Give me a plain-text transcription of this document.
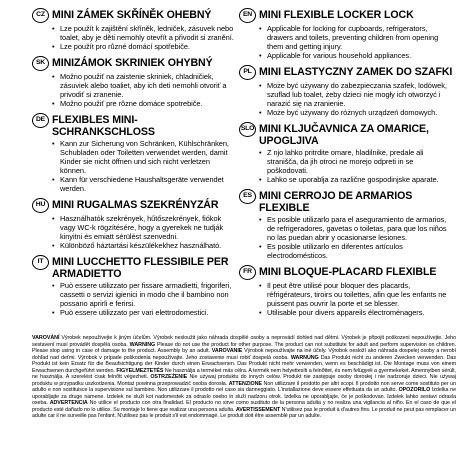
CZ MINI ZÁMEK SKŘÍNĚK OHEBNÝ
• Lze použít k zajištění skříněk, ledniček, zásuvek nebo toalet, aby je děti nemohly otevřít a přivodit si zranění.
• Lze použít pro různé domácí spotřebiče.
SK MINIZÁMOK SKRINIEK OHYBNÝ
• Možno použiť na zaistenie skriniek, chladničiek, zásuviek alebo toaliet, aby ich deti nemohli otvoriť a privodiť si zranenie.
• Možno použiť pre rôzne domáce spotrebiče.
DE FLEXIBLES MINI-SCHRANKSCHLOSS
• Kann zur Sicherung von Schränken, Kühlschränken, Schubladen oder Toiletten verwendet werden, damit Kinder sie nicht öffnen und sich nicht verletzen können.
• Kann für verschiedene Haushaltsgeräte verwendet werden.
HU MINI RUGALMAS SZEKRÉNYZÁR
• Használhatók szekrények, hűtőszekrények, fiókok vagy WC-k rögzítésére, hogy a gyerekek ne tudják kinyitni és emiatt sérülést szenvedni.
• Különböző háztartási készülékekhez használható.
IT MINI LUCCHETTO FLESSIBILE PER ARMADIETTO
• Può essere utilizzato per fissare armadietti, frigoriferi, cassetti o servizi igienici in modo che il bambino non possano aprirli e ferirsi.
• Può essere utilizzato per vari elettrodomestici.
EN MINI FLEXIBLE LOCKER LOCK
• Applicable for locking for cupboards, refrigerators, drawers and toilets, preventing children from opening them and getting injury.
• Applicable for various household appliances.
PL MINI ELASTYCZNY ZAMEK DO SZAFKI
• Może być używany do zabezpieczania szafek, lodówek, szuflad lub toalet, żeby dzieci nie mogły ich otworzyć i narazić się na zranienie.
• Może być używany do różnych urządzeń domowych.
SLO MINI KLJUČAVNICA ZA OMARICE, UPOGLJIVA
• Z njo lahko pritrdite omare, hladilnike, predale ali stranišča, da jih otroci ne morejo odpreti in se poškodovati.
• Lahko se uporablja za različne gospodinjske aparate.
ES MINI CERROJO DE ARMARIOS FLEXIBLE
• Es posible utilizarlo para el aseguramiento de armarios, de refrigeradores, gavetas o toiletas, para que los niños no las puedan abrir y ocasionarse lesiones.
• Es posible utilizarlo en diferentes artículos electrodomésticos.
FR MINI BLOQUE-PLACARD FLEXIBLE
• Il peut être utilisé pour bloquer des placards, réfrigérateurs, tiroirs ou toilettes, afin que les enfants ne puissent pas ouvrir la porte et se blesser.
• Utilisable pour divers appareils électroménagers.
VAROVÁNÍ Výrobek nepoužívejte k jiným účelům. Výrobek nesloužit jako náhrada dospělé osoby a neprovádí dohled nad dětmi. Výrobek je připojit poškozeni nepoužívejte. Jeho sestavení musí provádět dospělá osoba. WARNING Please do not use the product for other purpose. The product can not substitute for adult and perform supervision on children. Please stop using in case of damage to the product. Assembly by an adult. VAROVANIE Výrobok nepoužívajte na iné účely. Výrobok nesloží ako náhrada dospelej osoby a nerobí dohľad nad deťmi. Výrobok v prípade poškodenia nepoužívajte. Jeho zostavenie musí robiť dospelá osoba. WARNUNG Das Produkt nicht zu anderen Zwecken verwenden. Das Produkt ist kein Ersatz für die Beaufsichtigung der Kinder durch einen Erwachsenen. Das Produkt nicht mehr verwenden, wenn es beschädigt ist. Die Montage muss von einem Erwachsenen durchgeführt werden. FIGYELMEZTETÉS Ne használja a terméket más célra. A termék nem helyettesíti a felnőttet, és nem felügyeli a gyermekeket. Amennyiben sérült, ne használja. A szerelést csak felnőtt végezheti. OSTRZEŻENIE Nie używaj produktu do innych celów. Produkt nie zastępuje osoby dorosłej i nie nadzoruje dzieci. Nie używaj produktu w przypadku uszkodzenia. Montaż powinna przeprowadzić osoba dorosła. ATTENZIONE Non utilizzare il prodotto per altri scopi. Il prodotto non serve come sostituto per un adulto e non sostituisce la supervisione sul bambino. Non utilizzare il prodotto nel caso sia danneggiato. L'installazione deve essere effettuata da un adulto. OPOZORILO Izdelka ne uporabljajte za druge namene. Izdelek ne služi kot nadomestek za odraslo osebo in služi nadzoru otrok. Izdelka ne uporabljajte, če je poškodovan. Izdelek lahko sestavi odrasla oseba. ADVERTENCIA No utilice el producto con otra finalidad. El producto no sirve como sustituto de la persona adulta y no realiza una vigilancia al niño. En el caso de que el producto esté dañado no lo utilice. Su montaje lo tiene que realizar una persona adulta. AVERTISSEMENT N'utilisez pas le produit à d'autres fins. Le produit ne peut pas remplacer un adulte car il ne surveille pas l'enfant. N'utilisez pas le produit s'il est endommagé. Le produit doit être assemblé par un adulte.
